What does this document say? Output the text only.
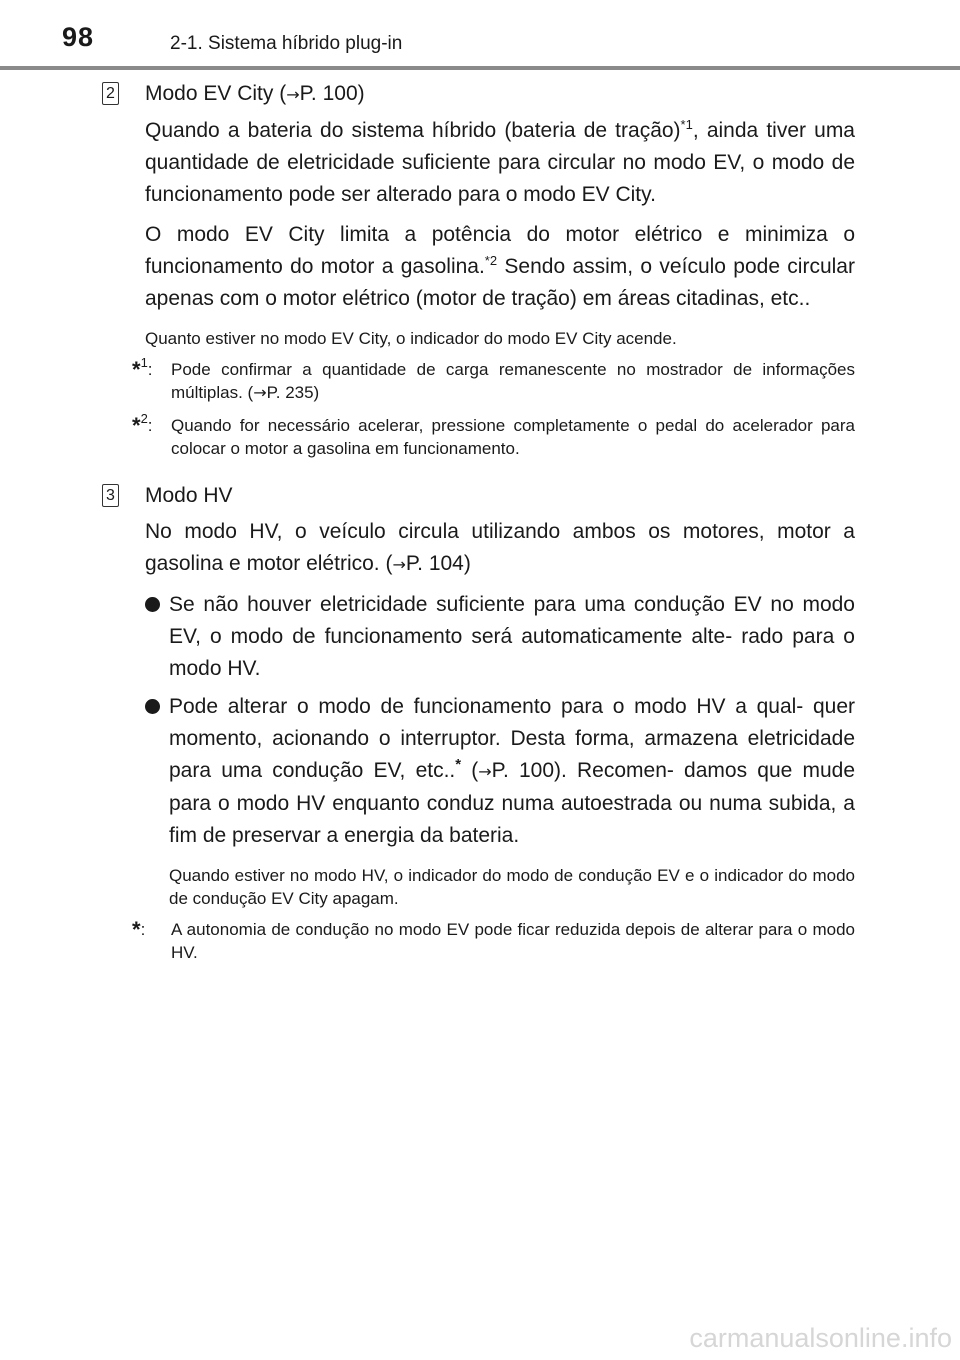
98	2-1. Sistema híbrido plug-in
2 Modo EV City (→P. 100)

Quando a bateria do sistema híbrido (bateria de tração)$^{*1}$, ainda tiver uma quantidade de eletricidade suficiente para circular no modo EV, o modo de funcionamento pode ser alterado para o modo EV City.

O modo EV City limita a potência do motor elétrico e minimiza o funcionamento do motor a gasolina.$^{*2}$ Sendo assim, o veículo pode circular apenas com o motor elétrico (motor de tração) em áreas citadinas, etc..

Quanto estiver no modo EV City, o indicador do modo EV City acende.

*$^1$: Pode confirmar a quantidade de carga remanescente no mostrador de informações múltiplas. (→P. 235)
*$^2$: Quando for necessário acelerar, pressione completamente o pedal do acelerador para colocar o motor a gasolina em funcionamento.
3 Modo HV

No modo HV, o veículo circula utilizando ambos os motores, motor a gasolina e motor elétrico. (→P. 104)

Se não houver eletricidade suficiente para uma condução EV no modo EV, o modo de funcionamento será automaticamente alte- rado para o modo HV.
Pode alterar o modo de funcionamento para o modo HV a qual- quer momento, acionando o interruptor. Desta forma, armazena eletricidade para uma condução EV, etc..* (→P. 100). Recomen- damos que mude para o modo HV enquanto conduz numa autoestrada ou numa subida, a fim de preservar a energia da bateria.

Quando estiver no modo HV, o indicador do modo de condução EV e o indicador do modo de condução EV City apagam.

*: A autonomia de condução no modo EV pode ficar reduzida depois de alterar para o modo HV.
carmanualsonline.info
